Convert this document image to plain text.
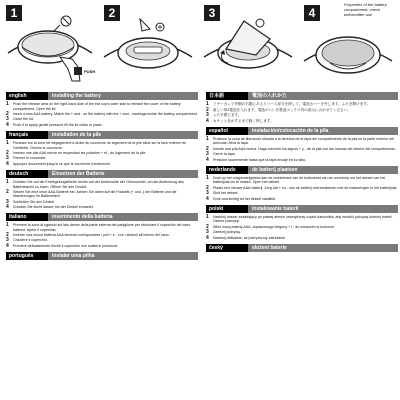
1
PUSH
2	3	4
Properties of the battery compartment: check before/after use
english	installing the battery
1	Push the release area on the right-hand side of the ear cup's outer side to release the cover of the battery compartment. Open the lid.
2	Insert a new AAA battery. Match the + and - on the battery with the + and - markings inside the battery compartment.
3	Close the lid.
4	Push it to apply gentle pressure till the lid clicks in place.
français	installation de la pile
1	Poussez sur la zone de dégagement à droite du couvercle du logement de la pile situé sur la face externe de l'oreillette. Ouvrez le couvercle.
2	Insérez une pile AAA neuve en respectant les polarités + et - du logement de la pile.
3	Fermez le couvercle.
4	Appuyez doucement jusqu'à ce que le couvercle s'enclenche.
deutsch	Einsetzen der Batterie
1	Drücken Sie auf die Entriegelungsfläche rechts auf der Außenseite der Ohrmuschel, um die Abdeckung des Batteriefachs zu lösen. Öffnen Sie den Deckel.
2	Setzen Sie eine neue AAA-Batterie ein. Achten Sie dabei auf die Polarität (+ und -) der Batterie und die Markierungen im Batteriefach.
3	Schließen Sie den Deckel.
4	Drücken Sie leicht darauf, bis der Deckel einrastet.
italiano	inserimento della batteria
1	Premere la zona di sgancio sul lato destro della parte esterna del padiglione per sbloccare il coperchio del vano batteria. Aprire il coperchio.
2	Inserire una nuova batteria AAA facendo corrispondere i poli + e - con i simboli all'interno del vano.
3	Chiudere il coperchio.
4	Premere delicatamente finché il coperchio non scatta in posizione.
português	instalar uma pilha
日本語	電池の入れかた
1	イヤーカップ外側の右側にあるリリース部分を押して、電池カバーを外します。ふたを開けます。
2	新しい単4電池を入れます。電池の+と-を電池ボックス内の表示に合わせてください。
3	ふたを閉じます。
4	カチッと音がするまで軽く押します。
español	instalación/colocación de la pila
1	Presione la zona de liberación situada a la derecha de la tapa del compartimento de la pila en la parte exterior del auricular. Abra la tapa.
2	Inserte una pila AAA nueva. Haga coincidir los signos + y - de la pila con las marcas del interior del compartimento.
3	Cierre la tapa.
4	Presione suavemente hasta que la tapa encaje en su sitio.
nederlands	de batterij plaatsen
1	Druk op het ontgrendelgebied aan de rechterkant van de buitenkant van de oorschelp om het deksel van het batterijvak los te maken. Open het deksel.
2	Plaats een nieuwe AAA-batterij. Zorg dat + en - van de batterij overeenkomen met de markeringen in het batterijvak.
3	Sluit het deksel.
4	Druk voorzichtig tot het deksel vastklikt.
polski	instalowanie baterii
1	Naciśnij obszar zwalniający po prawej stronie zewnętrznej części nausznika, aby zwolnić pokrywę komory baterii. Otwórz pokrywę.
2	Włóż nową baterię AAA, dopasowując bieguny + i - do oznaczeń w komorze.
3	Zamknij pokrywę.
4	Naciśnij delikatnie, aż pokrywa się zatrzaśnie.
český	vložení baterie
